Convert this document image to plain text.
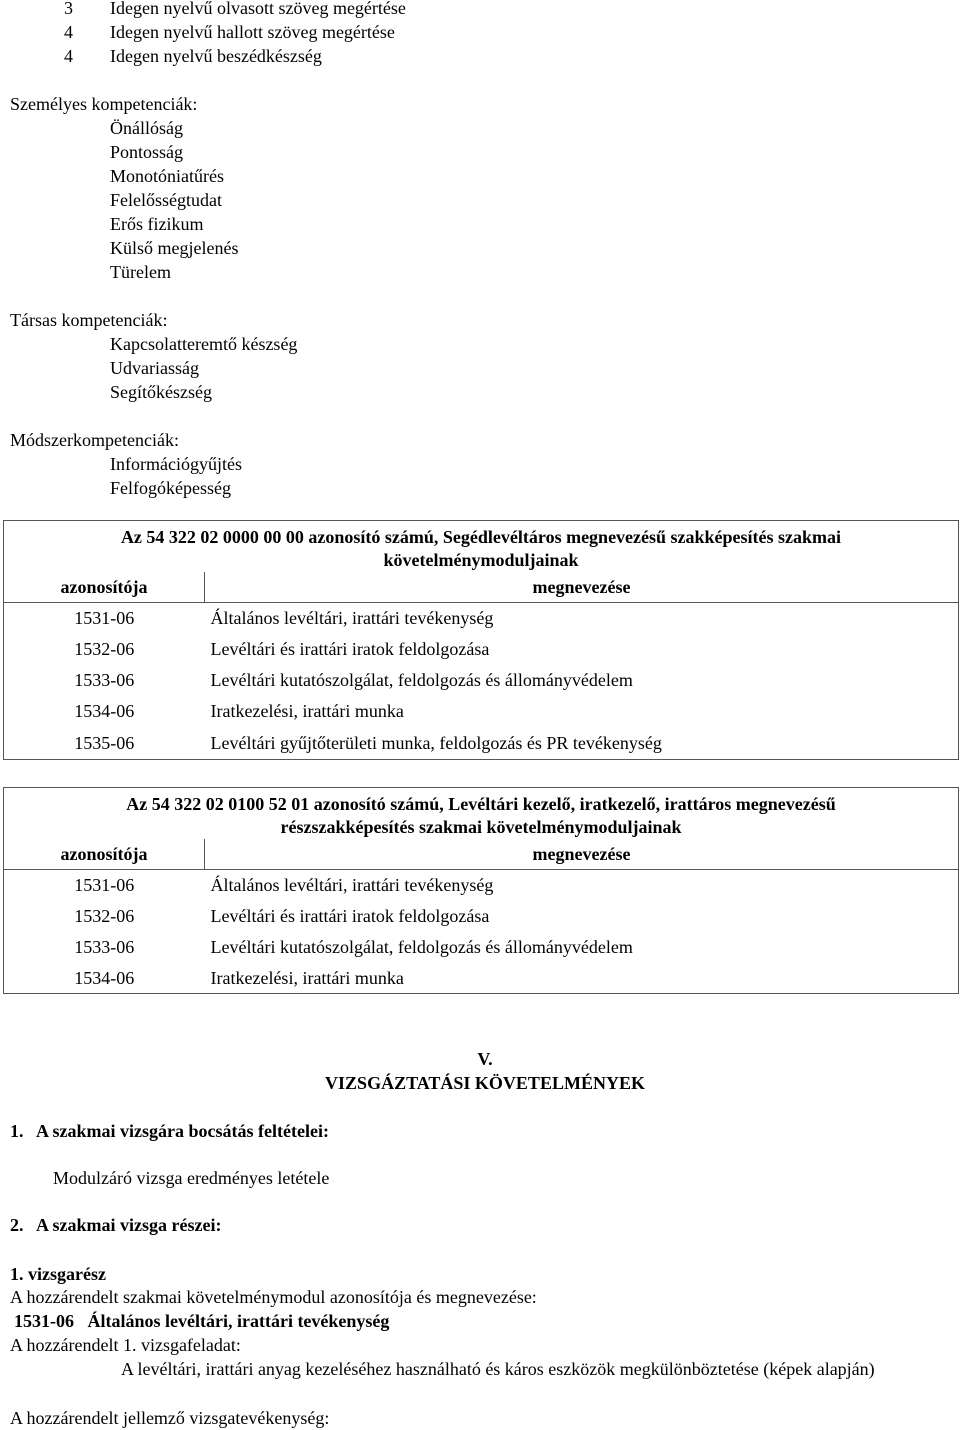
3 Idegen nyelvű olvasott szöveg megértése
4 Idegen nyelvű hallott szöveg megértése
4 Idegen nyelvű beszédkészség
Személyes kompetenciák:
Önállóság
Pontosság
Monotóniatűrés
Felelősségtudat
Erős fizikum
Külső megjelenés
Türelem
Társas kompetenciák:
Kapcsolatteremtő készség
Udvariasság
Segítőkészség
Módszerkompetenciák:
Információgyűjtés
Felfogóképesség
Az 54 322 02 0000 00 00 azonosító számú, Segédlevéltáros megnevezésű szakképesítés szakmai	
követelménymoduljainak	
azonosítója	megnevezése
1531-06	Általános levéltári, irattári tevékenység
1532-06	Levéltári és irattári iratok feldolgozása
1533-06	Levéltári kutatószolgálat, feldolgozás és állományvédelem
1534-06	Iratkezelési, irattári munka
1535-06	Levéltári gyűjtőterületi munka, feldolgozás és PR tevékenység
Az 54 322 02 0100 52 01 azonosító számú, Levéltári kezelő, iratkezelő, irattáros megnevezésű	
részszakképesítés szakmai követelménymoduljainak	
azonosítója	megnevezése
1531-06	Általános levéltári, irattári tevékenység
1532-06	Levéltári és irattári iratok feldolgozása
1533-06	Levéltári kutatószolgálat, feldolgozás és állományvédelem
1534-06	Iratkezelési, irattári munka
V.
VIZSGÁZTATÁSI KÖVETELMÉNYEK
1.   A szakmai vizsgára bocsátás feltételei:
Modulzáró vizsga eredményes letétele
2.   A szakmai vizsga részei:
1. vizsgarész
A hozzárendelt szakmai követelménymodul azonosítója és megnevezése:
1531-06   Általános levéltári, irattári tevékenység
A hozzárendelt 1. vizsgafeladat:
A levéltári, irattári anyag kezeléséhez használható és káros eszközök megkülönböztetése (képek alapján)
A hozzárendelt jellemző vizsgatevékenység:
